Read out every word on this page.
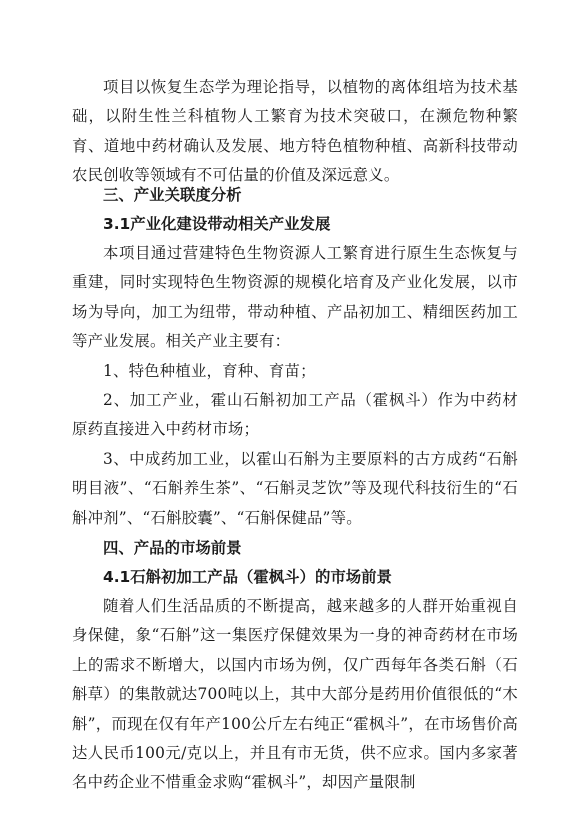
项目以恢复生态学为理论指导，以植物的离体组培为技术基础，以附生性兰科植物人工繁育为技术突破口，在濒危物种繁育、道地中药材确认及发展、地方特色植物种植、高新科技带动农民创收等领域有不可估量的价值及深远意义。

三、产业关联度分析
3.1产业化建设带动相关产业发展

本项目通过营建特色生物资源人工繁育进行原生生态恢复与重建，同时实现特色生物资源的规模化培育及产业化发展，以市场为导向，加工为纽带，带动种植、产品初加工、精细医药加工等产业发展。相关产业主要有：

1、特色种植业，育种、育苗；

2、加工产业，霍山石斛初加工产品（霍枫斗）作为中药材原药直接进入中药材市场；

3、中成药加工业，以霍山石斛为主要原料的古方成药“石斛明目液”、“石斛养生茶”、“石斛灵芝饮”等及现代科技衍生的“石斛冲剂”、“石斛胶囊”、“石斛保健品”等。

四、产品的市场前景
4.1石斛初加工产品（霍枫斗）的市场前景

随着人们生活品质的不断提高，越来越多的人群开始重视自身保健，象“石斛”这一集医疗保健效果为一身的神奇药材在市场上的需求不断增大，以国内市场为例，仅广西每年各类石斛（石斛草）的集散就达700吨以上，其中大部分是药用价值很低的“木斛”，而现在仅有年产100公斤左右纯正“霍枫斗”，在市场售价高达人民币100元/克以上，并且有市无货，供不应求。国内多家著名中药企业不惜重金求购“霍枫斗”，却因产量限制
